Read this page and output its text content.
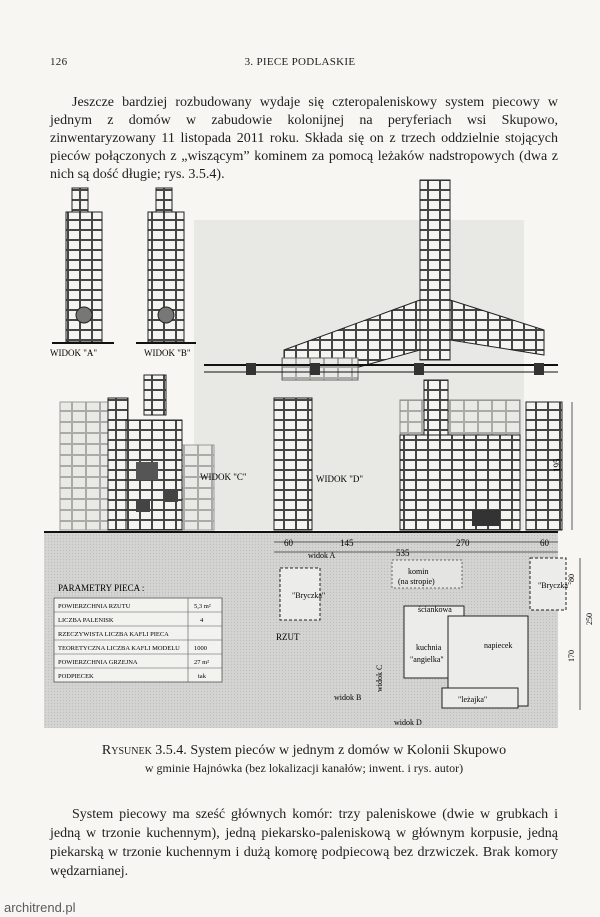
126	3. PIECE PODLASKIE
Jeszcze bardziej rozbudowany wydaje się czteropaleniskowy system piecowy w jednym z domów w zabudowie kolonijnej na peryferiach wsi Skupowo, zinwentaryzowany 11 listopada 2011 roku. Składa się on z trzech oddzielnie stojących pieców połączonych z „wiszącym” kominem za pomocą leżaków nadstropowych (dwa z nich są dość długie; rys. 3.5.4).
WIDOK "A"	WIDOK "B"
WIDOK "C"	WIDOK "D"
195
60	145	270	60
535
widok A
"Bryczka"
"Bryczka"
RZUT
widok C
widok D
widok B
komin
(na stropie)
ściankowa
kuchnia
"angielka"
napiecek
"leżajka"
80
170
250
PARAMETRY PIECA :
POWIERZCHNIA RZUTU	5,3 m²
LICZBA PALENISK	4
RZECZYWISTA LICZBA KAFLI PIECA
TEORETYCZNA LICZBA KAFLI MODELU 1000
POWIERZCHNIA GRZEJNA	27 m²
PODPIECEK	tak
Rysunek 3.5.4. System pieców w jednym z domów w Kolonii Skupowo
w gminie Hajnówka (bez lokalizacji kanałów; inwent. i rys. autor)
System piecowy ma sześć głównych komór: trzy paleniskowe (dwie w grubkach i jedną w trzonie kuchennym), jedną piekarsko-paleniskową w głównym korpusie, jedną piekarską w trzonie kuchennym i dużą komorę podpiecową bez drzwiczek. Brak komory wędzarnianej.
architrend.pl
